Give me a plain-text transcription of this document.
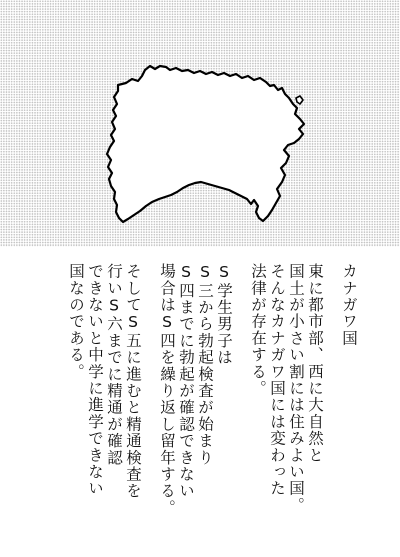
カナガワ国
東に都市部、西に大自然と
国土が小さい割には住みよい国。
そんなカナガワ国には変わった
法律が存在する。
S学生男子は
S三から勃起検査が始まり
S四までに勃起が確認できない
場合はS四を繰り返し留年する。
そしてS五に進むと精通検査を
行いS六までに精通が確認
できないと中学に進学できない
国なのである。
